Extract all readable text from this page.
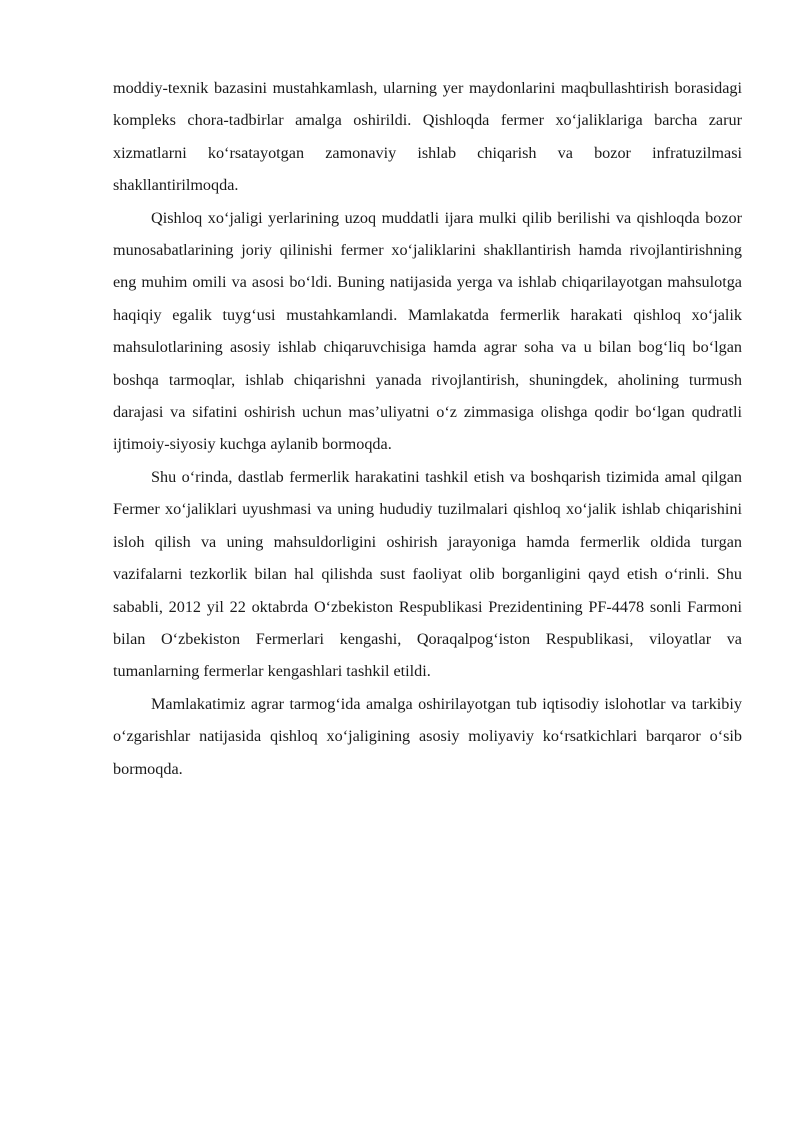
moddiy-texnik bazasini mustahkamlash, ularning yer maydonlarini maqbullashtirish borasidagi kompleks chora-tadbirlar amalga oshirildi. Qishloqda fermer xo‘jaliklariga barcha zarur xizmatlarni ko‘rsatayotgan zamonaviy ishlab chiqarish va bozor infratuzilmasi shakllantirilmoqda.

Qishloq xo‘jaligi yerlarining uzoq muddatli ijara mulki qilib berilishi va qishloqda bozor munosabatlarining joriy qilinishi fermer xo‘jaliklarini shakllantirish hamda rivojlantirishning eng muhim omili va asosi bo‘ldi. Buning natijasida yerga va ishlab chiqarilayotgan mahsulotga haqiqiy egalik tuyg‘usi mustahkamlandi. Mamlakatda fermerlik harakati qishloq xo‘jalik mahsulotlarining asosiy ishlab chiqaruvchisiga hamda agrar soha va u bilan bog‘liq bo‘lgan boshqa tarmoqlar, ishlab chiqarishni yanada rivojlantirish, shuningdek, aholining turmush darajasi va sifatini oshirish uchun mas’uliyatni o‘z zimmasiga olishga qodir bo‘lgan qudratli ijtimoiy-siyosiy kuchga aylanib bormoqda.

Shu o‘rinda, dastlab fermerlik harakatini tashkil etish va boshqarish tizimida amal qilgan Fermer xo‘jaliklari uyushmasi va uning hududiy tuzilmalari qishloq xo‘jalik ishlab chiqarishini isloh qilish va uning mahsuldorligini oshirish jarayoniga hamda fermerlik oldida turgan vazifalarni tezkorlik bilan hal qilishda sust faoliyat olib borganligini qayd etish o‘rinli. Shu sababli, 2012 yil 22 oktabrda O‘zbekiston Respublikasi Prezidentining PF-4478 sonli Farmoni bilan O‘zbekiston Fermerlari kengashi, Qoraqalpog‘iston Respublikasi, viloyatlar va tumanlarning fermerlar kengashlari tashkil etildi.

Mamlakatimiz agrar tarmog‘ida amalga oshirilayotgan tub iqtisodiy islohotlar va tarkibiy o‘zgarishlar natijasida qishloq xo‘jaligining asosiy moliyaviy ko‘rsatkichlari barqaror o‘sib bormoqda.
